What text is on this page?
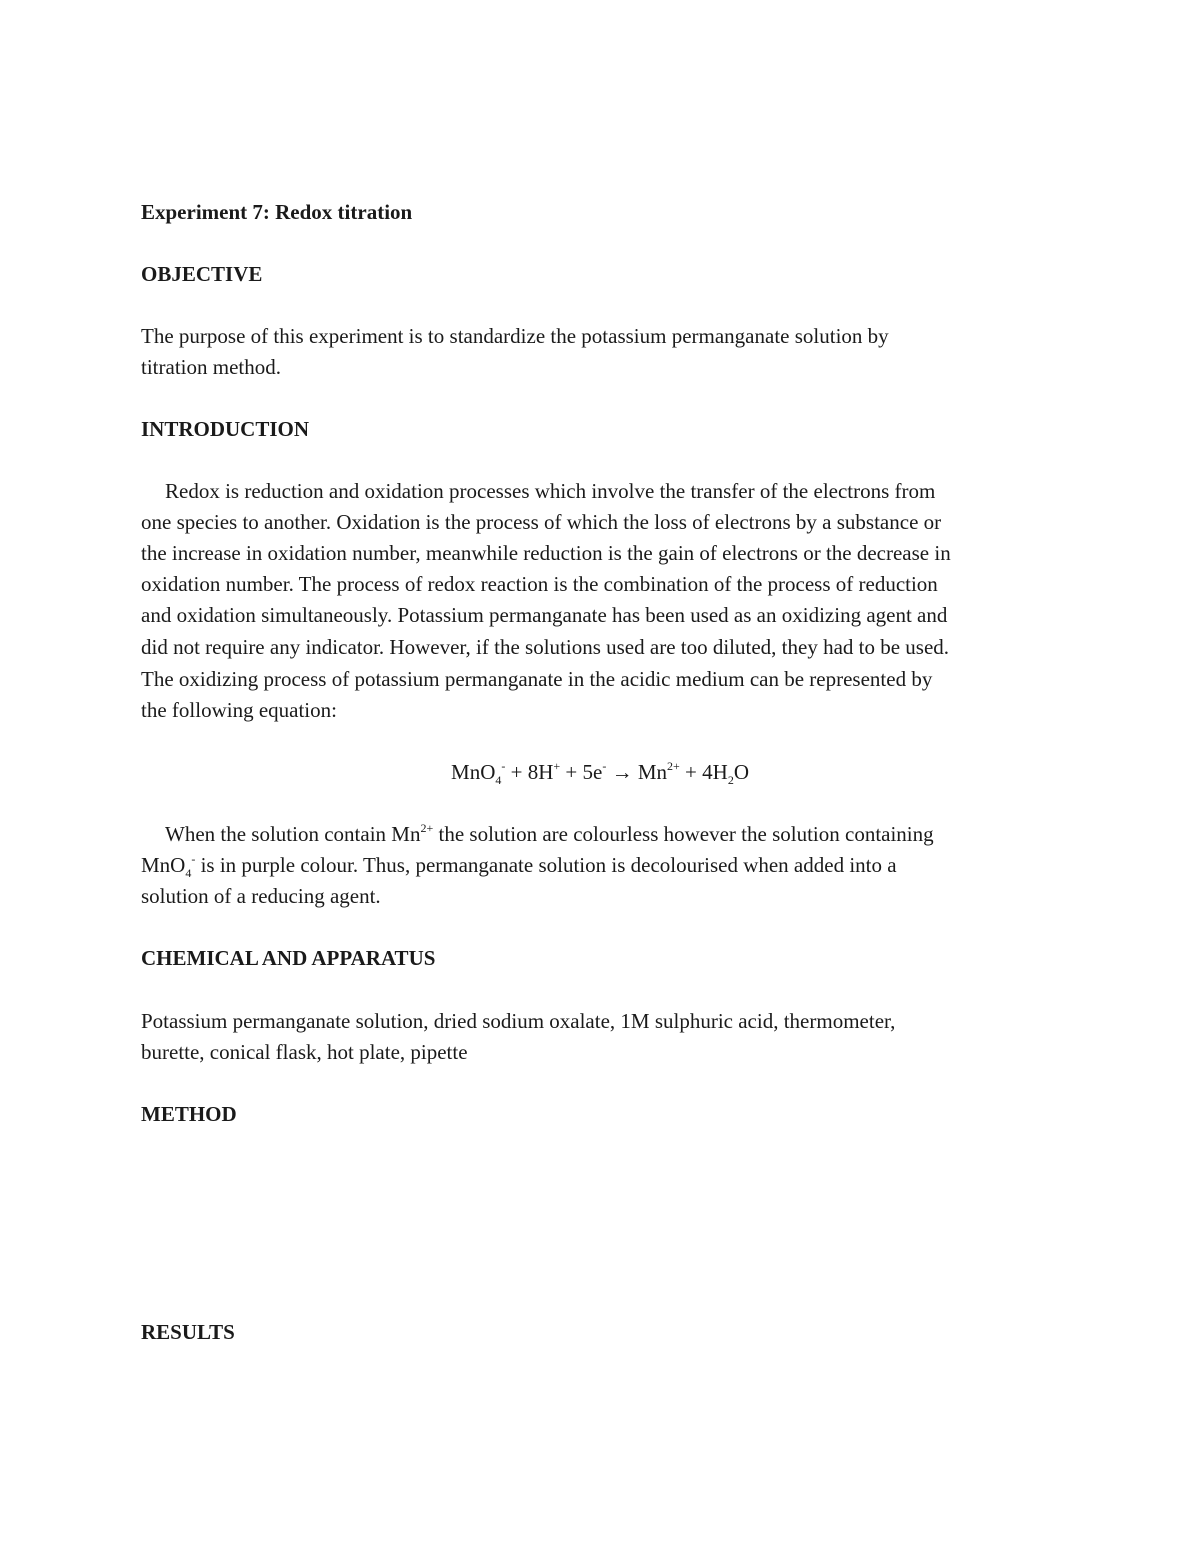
Experiment 7: Redox titration
OBJECTIVE
The purpose of this experiment is to standardize the potassium permanganate solution by
titration method.
INTRODUCTION
Redox is reduction and oxidation processes which involve the transfer of the electrons from
one species to another. Oxidation is the process of which the loss of electrons by a substance or
the increase in oxidation number, meanwhile reduction is the gain of electrons or the decrease in
oxidation number. The process of redox reaction is the combination of the process of reduction
and oxidation simultaneously. Potassium permanganate has been used as an oxidizing agent and
did not require any indicator. However, if the solutions used are too diluted, they had to be used.
The oxidizing process of potassium permanganate in the acidic medium can be represented by
the following equation:
$MnO_4^- + 8H^+ + 5e^- \to Mn^{2+} + 4H_2O$
When the solution contain $Mn^{2+}$ the solution are colourless however the solution containing
MnO$_4$- is in purple colour. Thus, permanganate solution is decolourised when added into a
solution of a reducing agent.
CHEMICAL AND APPARATUS
Potassium permanganate solution, dried sodium oxalate, 1M sulphuric acid, thermometer,
burette, conical flask, hot plate, pipette
METHOD
RESULTS
